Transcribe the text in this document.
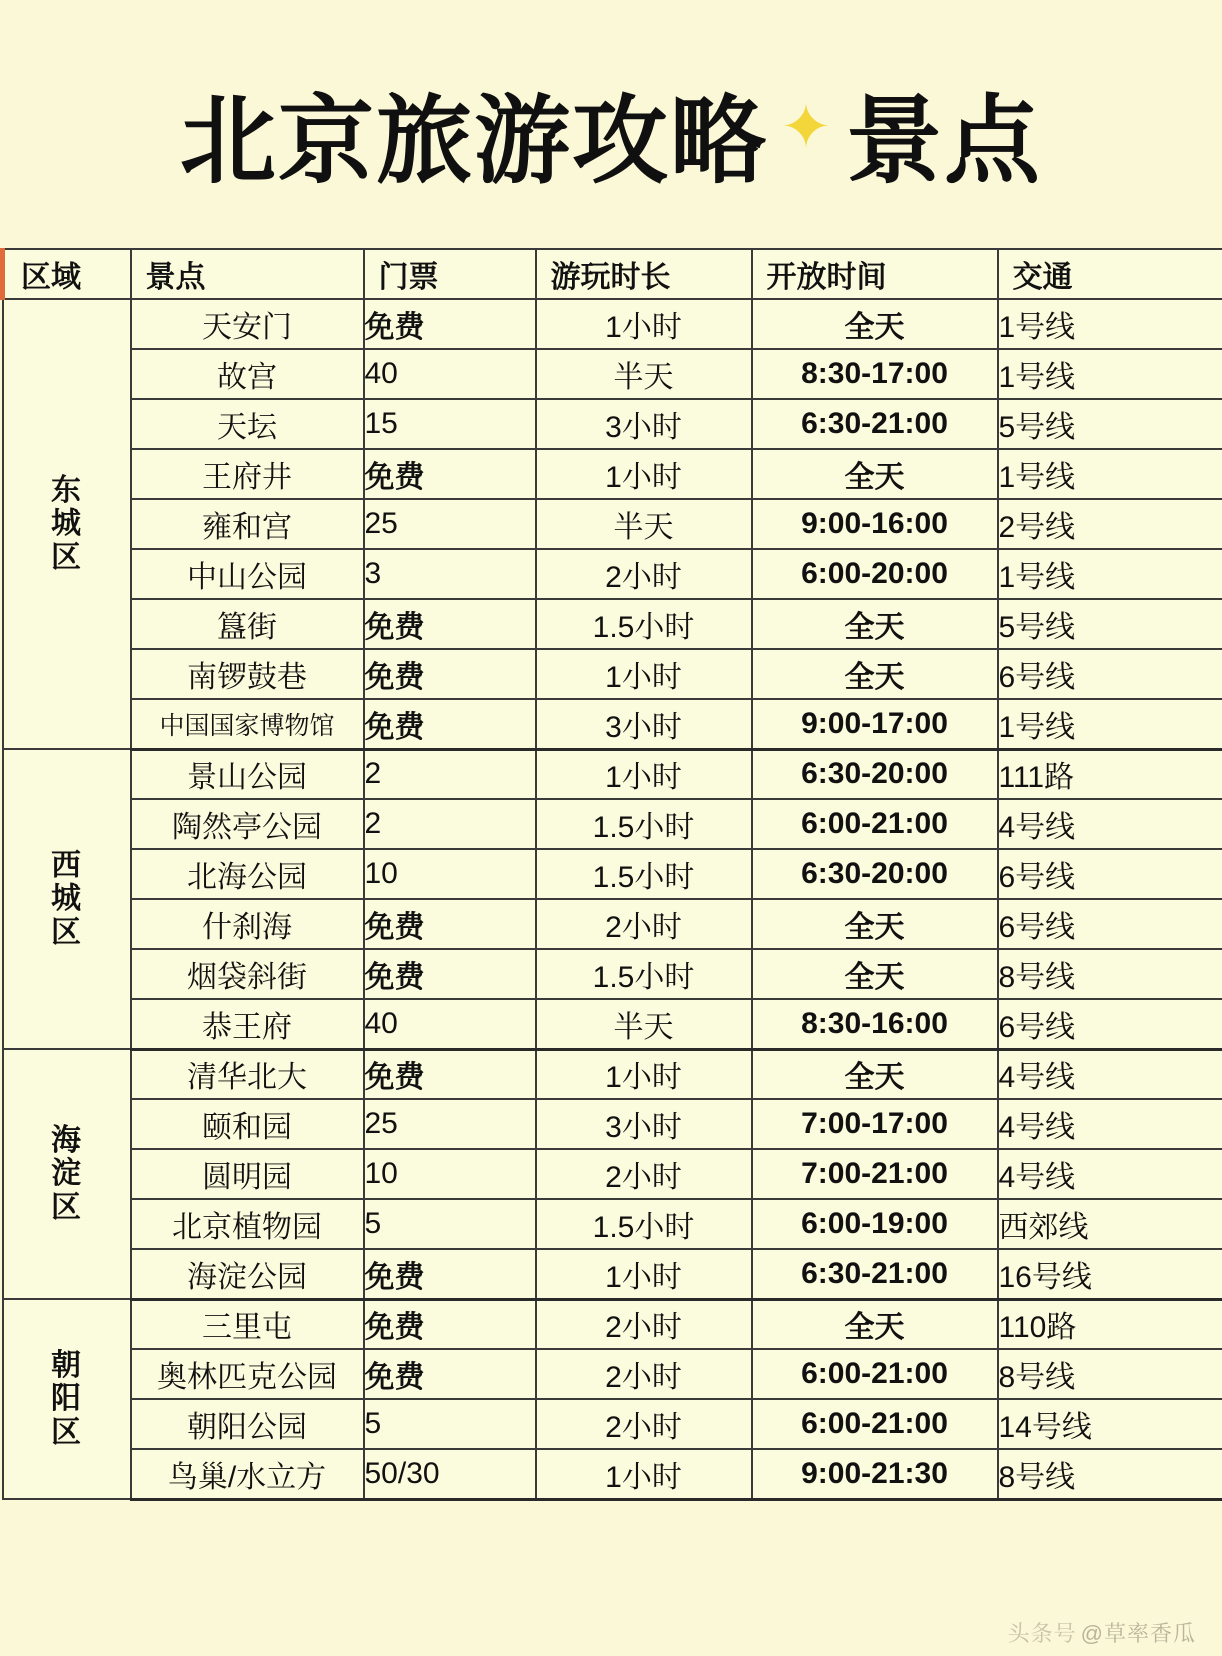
北京旅游攻略 ✦ 景点
区域	景点	门票	游玩时长	开放时间	交通

东
城
区	天安门	免费	1小时	全天	1号线
	故宫	40	半天	8:30-17:00	1号线
	天坛	15	3小时	6:30-21:00	5号线
	王府井	免费	1小时	全天	1号线
	雍和宫	25	半天	9:00-16:00	2号线
	中山公园	3	2小时	6:00-20:00	1号线
	簋街	免费	1.5小时	全天	5号线
	南锣鼓巷	免费	1小时	全天	6号线
	中国国家博物馆	免费	3小时	9:00-17:00	1号线
西
城
区	景山公园	2	1小时	6:30-20:00	111路
	陶然亭公园	2	1.5小时	6:00-21:00	4号线
	北海公园	10	1.5小时	6:30-20:00	6号线
	什刹海	免费	2小时	全天	6号线
	烟袋斜街	免费	1.5小时	全天	8号线
	恭王府	40	半天	8:30-16:00	6号线
海
淀
区	清华北大	免费	1小时	全天	4号线
	颐和园	25	3小时	7:00-17:00	4号线
	圆明园	10	2小时	7:00-21:00	4号线
	北京植物园	5	1.5小时	6:00-19:00	西郊线
	海淀公园	免费	1小时	6:30-21:00	16号线
朝
阳
区	三里屯	免费	2小时	全天	110路
	奥林匹克公园	免费	2小时	6:00-21:00	8号线
	朝阳公园	5	2小时	6:00-21:00	14号线
	鸟巢/水立方	50/30	1小时	9:00-21:30	8号线
头条号 @草率香瓜
